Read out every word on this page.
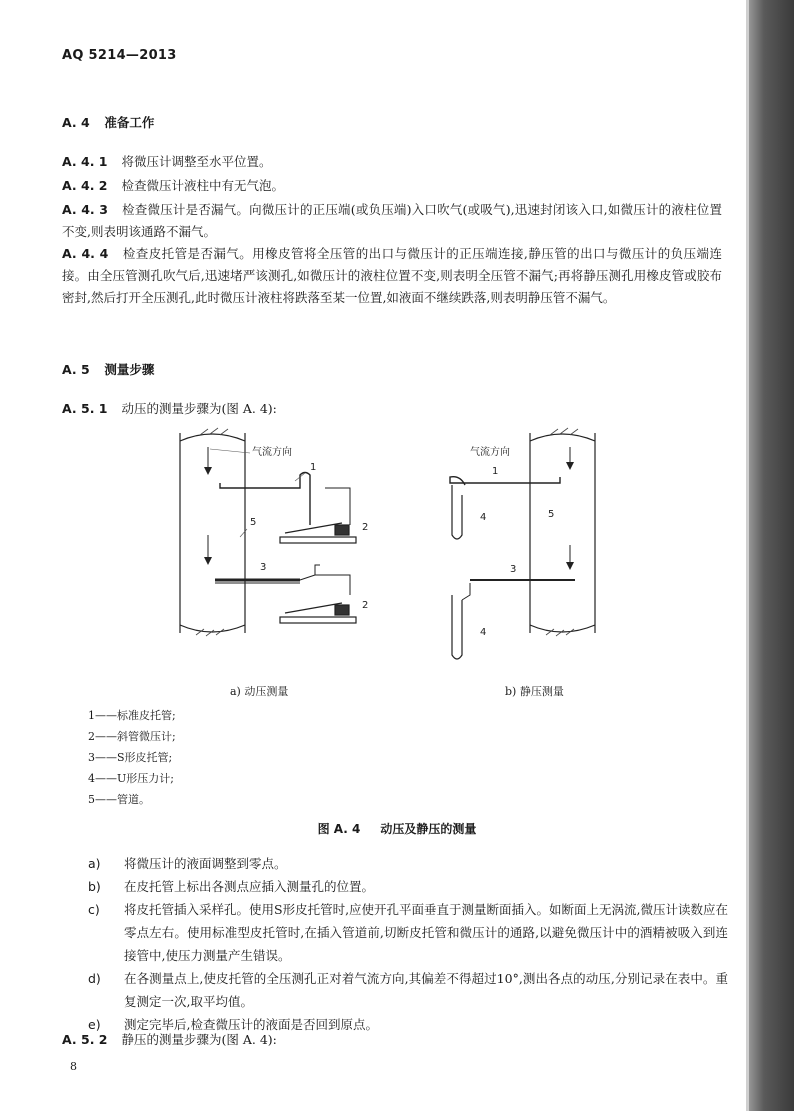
AQ 5214—2013
A. 4 准备工作
A. 4. 1 将微压计调整至水平位置。
A. 4. 2 检查微压计液柱中有无气泡。
A. 4. 3 检查微压计是否漏气。向微压计的正压端(或负压端)入口吹气(或吸气),迅速封闭该入口,如微压计的液柱位置不变,则表明该通路不漏气。
A. 4. 4 检查皮托管是否漏气。用橡皮管将全压管的出口与微压计的正压端连接,静压管的出口与微压计的负压端连接。由全压管测孔吹气后,迅速堵严该测孔,如微压计的液柱位置不变,则表明全压管不漏气;再将静压测孔用橡皮管或胶布密封,然后打开全压测孔,此时微压计液柱将跌落至某一位置,如液面不继续跌落,则表明静压管不漏气。
A. 5 测量步骤
A. 5. 1 动压的测量步骤为(图 A. 4):
气流方向
1
2
3
5
2
气流方向
1
4	5
3
4
a) 动压测量	b) 静压测量
1——标准皮托管;
2——斜管微压计;
3——S形皮托管;
4——U形压力计;
5——管道。
图 A. 4 动压及静压的测量
a)	将微压计的液面调整到零点。
b)	在皮托管上标出各测点应插入测量孔的位置。
c)	将皮托管插入采样孔。使用S形皮托管时,应使开孔平面垂直于测量断面插入。如断面上无涡流,微压计读数应在零点左右。使用标准型皮托管时,在插入管道前,切断皮托管和微压计的通路,以避免微压计中的酒精被吸入到连接管中,使压力测量产生错误。
d)	在各测量点上,使皮托管的全压测孔正对着气流方向,其偏差不得超过10°,测出各点的动压,分别记录在表中。重复测定一次,取平均值。
e)	测定完毕后,检查微压计的液面是否回到原点。
A. 5. 2 静压的测量步骤为(图 A. 4):
8
